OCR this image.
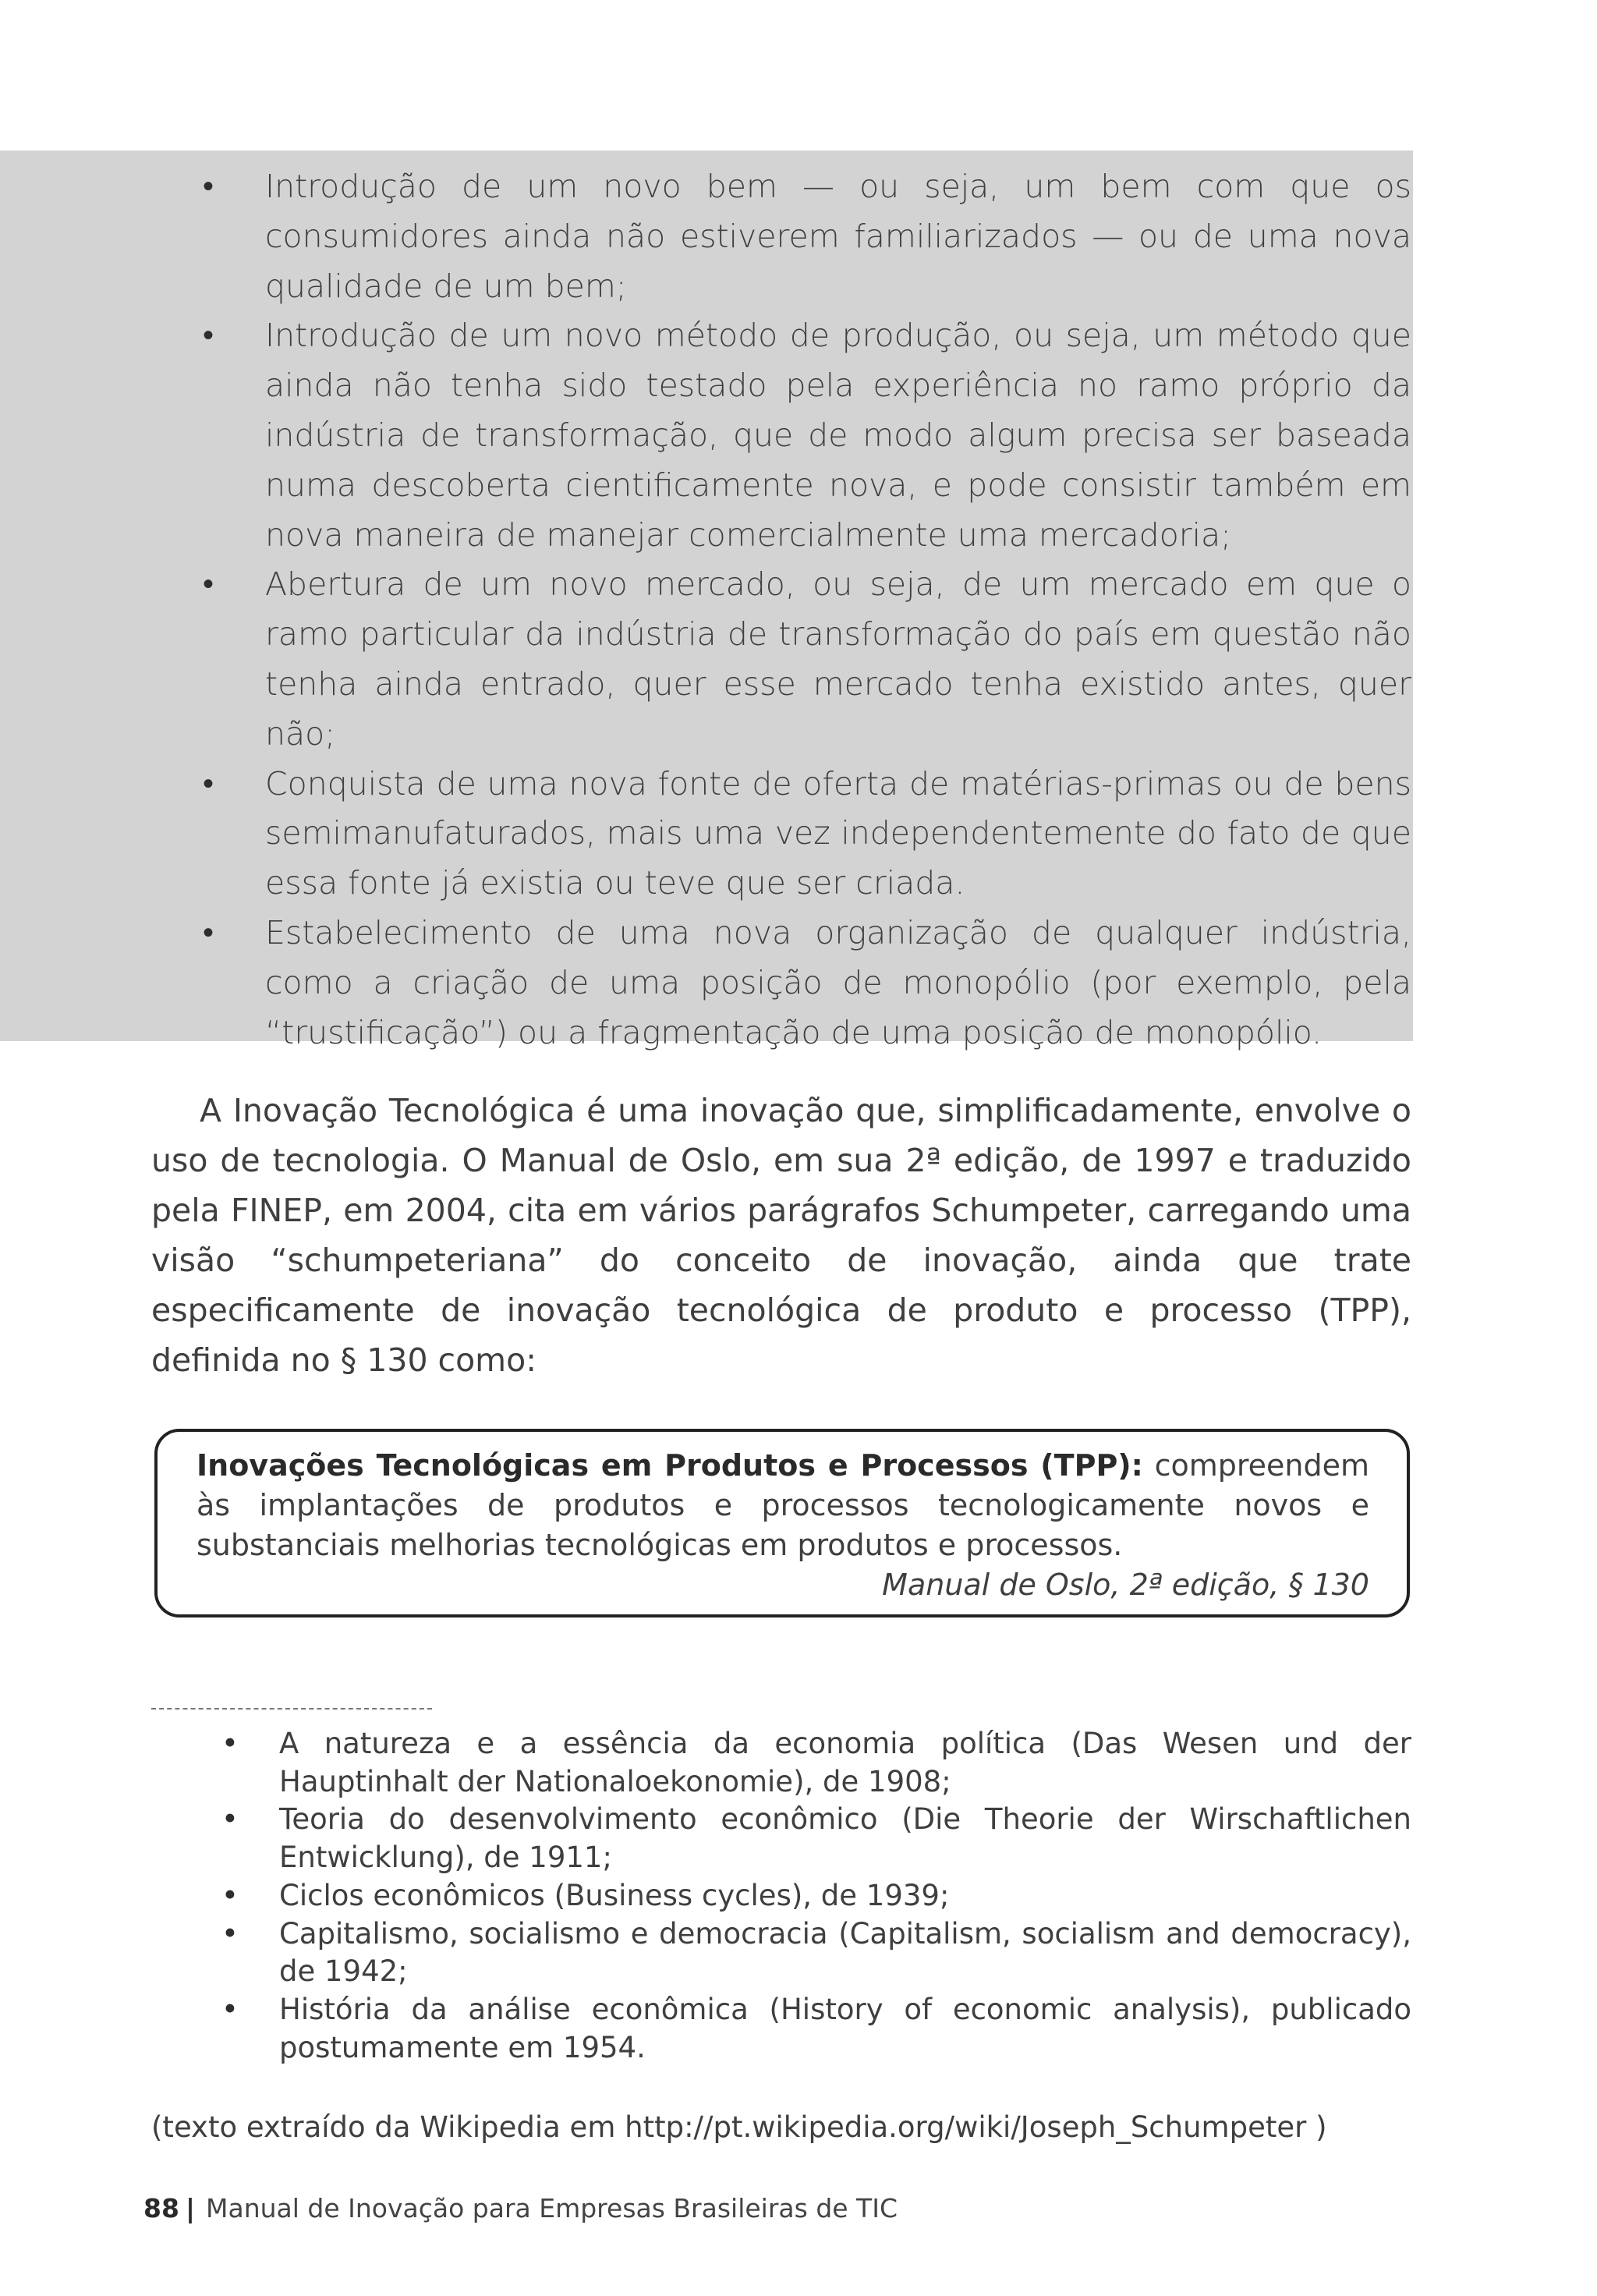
• Introdução de um novo bem — ou seja, um bem com que os consumidores ainda não estiverem familiarizados — ou de uma nova qualidade de um bem;
• Introdução de um novo método de produção, ou seja, um método que ainda não tenha sido testado pela experiência no ramo próprio da indústria de transformação, que de modo algum precisa ser baseada numa descoberta cientificamente nova, e pode consistir também em nova maneira de manejar comercialmente uma mercadoria;
• Abertura de um novo mercado, ou seja, de um mercado em que o ramo particular da indústria de transformação do país em questão não tenha ainda entrado, quer esse mercado tenha existido antes, quer não;
• Conquista de uma nova fonte de oferta de matérias-primas ou de bens semimanufaturados, mais uma vez independentemente do fato de que essa fonte já existia ou teve que ser criada.
• Estabelecimento de uma nova organização de qualquer indústria, como a criação de uma posição de monopólio (por exemplo, pela “trustificação”) ou a fragmentação de uma posição de monopólio.

A Inovação Tecnológica é uma inovação que, simplificadamente, envolve o uso de tecnologia. O Manual de Oslo, em sua 2ª edição, de 1997 e traduzido pela FINEP, em 2004, cita em vários parágrafos Schumpeter, carregando uma visão “schumpeteriana” do conceito de inovação, ainda que trate especificamente de inovação tecnológica de produto e processo (TPP), definida no § 130 como:

Inovações Tecnológicas em Produtos e Processos (TPP): compreendem às implantações de produtos e processos tecnologicamente novos e substanciais melhorias tecnológicas em produtos e processos.

Manual de Oslo, 2ª edição, § 130

• A natureza e a essência da economia política (Das Wesen und der Hauptinhalt der Nationaloekonomie), de 1908;
• Teoria do desenvolvimento econômico (Die Theorie der Wirschaftlichen Entwicklung), de 1911;
• Ciclos econômicos (Business cycles), de 1939;
• Capitalismo, socialismo e democracia (Capitalism, socialism and democracy), de 1942;
• História da análise econômica (History of economic analysis), publicado postumamente em 1954.

(texto extraído da Wikipedia em http://pt.wikipedia.org/wiki/Joseph_Schumpeter )

88 | Manual de Inovação para Empresas Brasileiras de TIC
